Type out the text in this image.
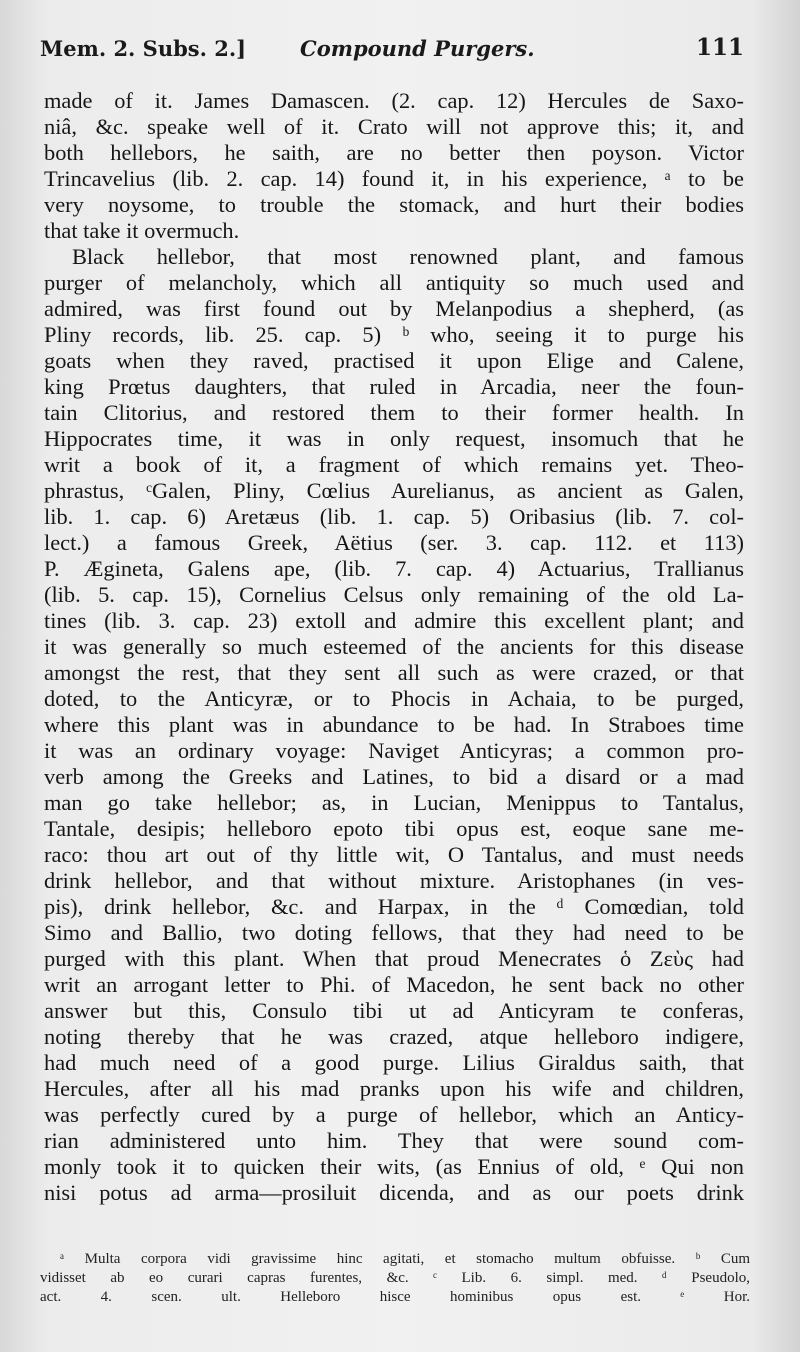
Mem. 2. Subs. 2.]	Compound Purgers.	111
made of it. James Damascen. (2. cap. 12) Hercules de Saxo-
niâ, &c. speake well of it. Crato will not approve this; it, and
both hellebors, he saith, are no better then poyson. Victor
Trincavelius (lib. 2. cap. 14) found it, in his experience, ᵃ to be
very noysome, to trouble the stomack, and hurt their bodies
that take it overmuch.
Black hellebor, that most renowned plant, and famous
purger of melancholy, which all antiquity so much used and
admired, was first found out by Melanpodius a shepherd, (as
Pliny records, lib. 25. cap. 5) ᵇ who, seeing it to purge his
goats when they raved, practised it upon Elige and Calene,
king Prœtus daughters, that ruled in Arcadia, neer the foun-
tain Clitorius, and restored them to their former health. In
Hippocrates time, it was in only request, insomuch that he
writ a book of it, a fragment of which remains yet. Theo-
phrastus, ᶜGalen, Pliny, Cœlius Aurelianus, as ancient as Galen,
lib. 1. cap. 6) Aretæus (lib. 1. cap. 5) Oribasius (lib. 7. col-
lect.) a famous Greek, Aëtius (ser. 3. cap. 112. et 113)
P. Ægineta, Galens ape, (lib. 7. cap. 4) Actuarius, Trallianus
(lib. 5. cap. 15), Cornelius Celsus only remaining of the old La-
tines (lib. 3. cap. 23) extoll and admire this excellent plant; and
it was generally so much esteemed of the ancients for this disease
amongst the rest, that they sent all such as were crazed, or that
doted, to the Anticyræ, or to Phocis in Achaia, to be purged,
where this plant was in abundance to be had. In Straboes time
it was an ordinary voyage: Naviget Anticyras; a common pro-
verb among the Greeks and Latines, to bid a disard or a mad
man go take hellebor; as, in Lucian, Menippus to Tantalus,
Tantale, desipis; helleboro epoto tibi opus est, eoque sane me-
raco: thou art out of thy little wit, O Tantalus, and must needs
drink hellebor, and that without mixture. Aristophanes (in ves-
pis), drink hellebor, &c. and Harpax, in the ᵈ Comœdian, told
Simo and Ballio, two doting fellows, that they had need to be
purged with this plant. When that proud Menecrates ὁ Ζεὺς had
writ an arrogant letter to Phi. of Macedon, he sent back no other
answer but this, Consulo tibi ut ad Anticyram te conferas,
noting thereby that he was crazed, atque helleboro indigere,
had much need of a good purge. Lilius Giraldus saith, that
Hercules, after all his mad pranks upon his wife and children,
was perfectly cured by a purge of hellebor, which an Anticy-
rian administered unto him. They that were sound com-
monly took it to quicken their wits, (as Ennius of old, ᵉ Qui non
nisi potus ad arma—prosiluit dicenda, and as our poets drink
ᵃ Multa corpora vidi gravissime hinc agitati, et stomacho multum obfuisse. ᵇ Cum
vidisset ab eo curari capras furentes, &c. ᶜ Lib. 6. simpl. med. ᵈ Pseudolo,
act. 4. scen. ult. Helleboro hisce hominibus opus est. ᵉ Hor.
